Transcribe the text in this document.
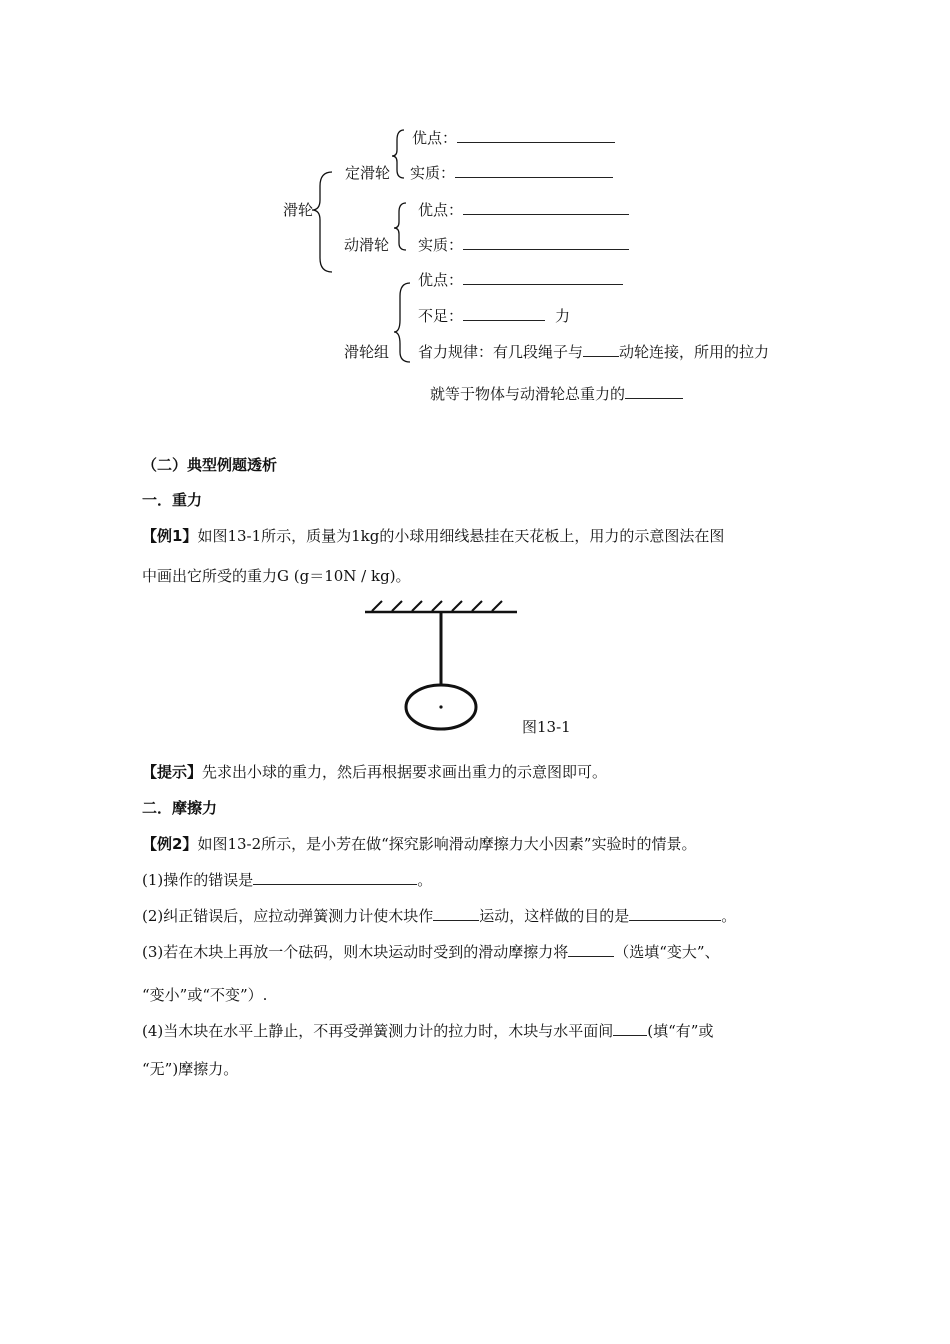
滑轮
定滑轮
优点：
实质：
动滑轮
优点：
实质：
优点：
不足：	力
滑轮组 省力规律：有几段绳子与 动轮连接，所用的拉力
就等于物体与动滑轮总重力的
（二）典型例题透析
一．重力
【例1】如图13-1所示，质量为1kg的小球用细线悬挂在天花板上，用力的示意图法在图
中画出它所受的重力G (g＝10N / kg)。
图13-1
【提示】先求出小球的重力，然后再根据要求画出重力的示意图即可。
二．摩擦力
【例2】如图13-2所示，是小芳在做“探究影响滑动摩擦力大小因素”实验时的情景。
(1)操作的错误是	。
(2)纠正错误后，应拉动弹簧测力计使木块作	运动，这样做的目的是	。
(3)若在木块上再放一个砝码，则木块运动时受到的滑动摩擦力将	（选填“变大”、
“变小”或“不变”）.
(4)当木块在水平上静止，不再受弹簧测力计的拉力时，木块与水平面间 (填“有”或
“无”)摩擦力。
